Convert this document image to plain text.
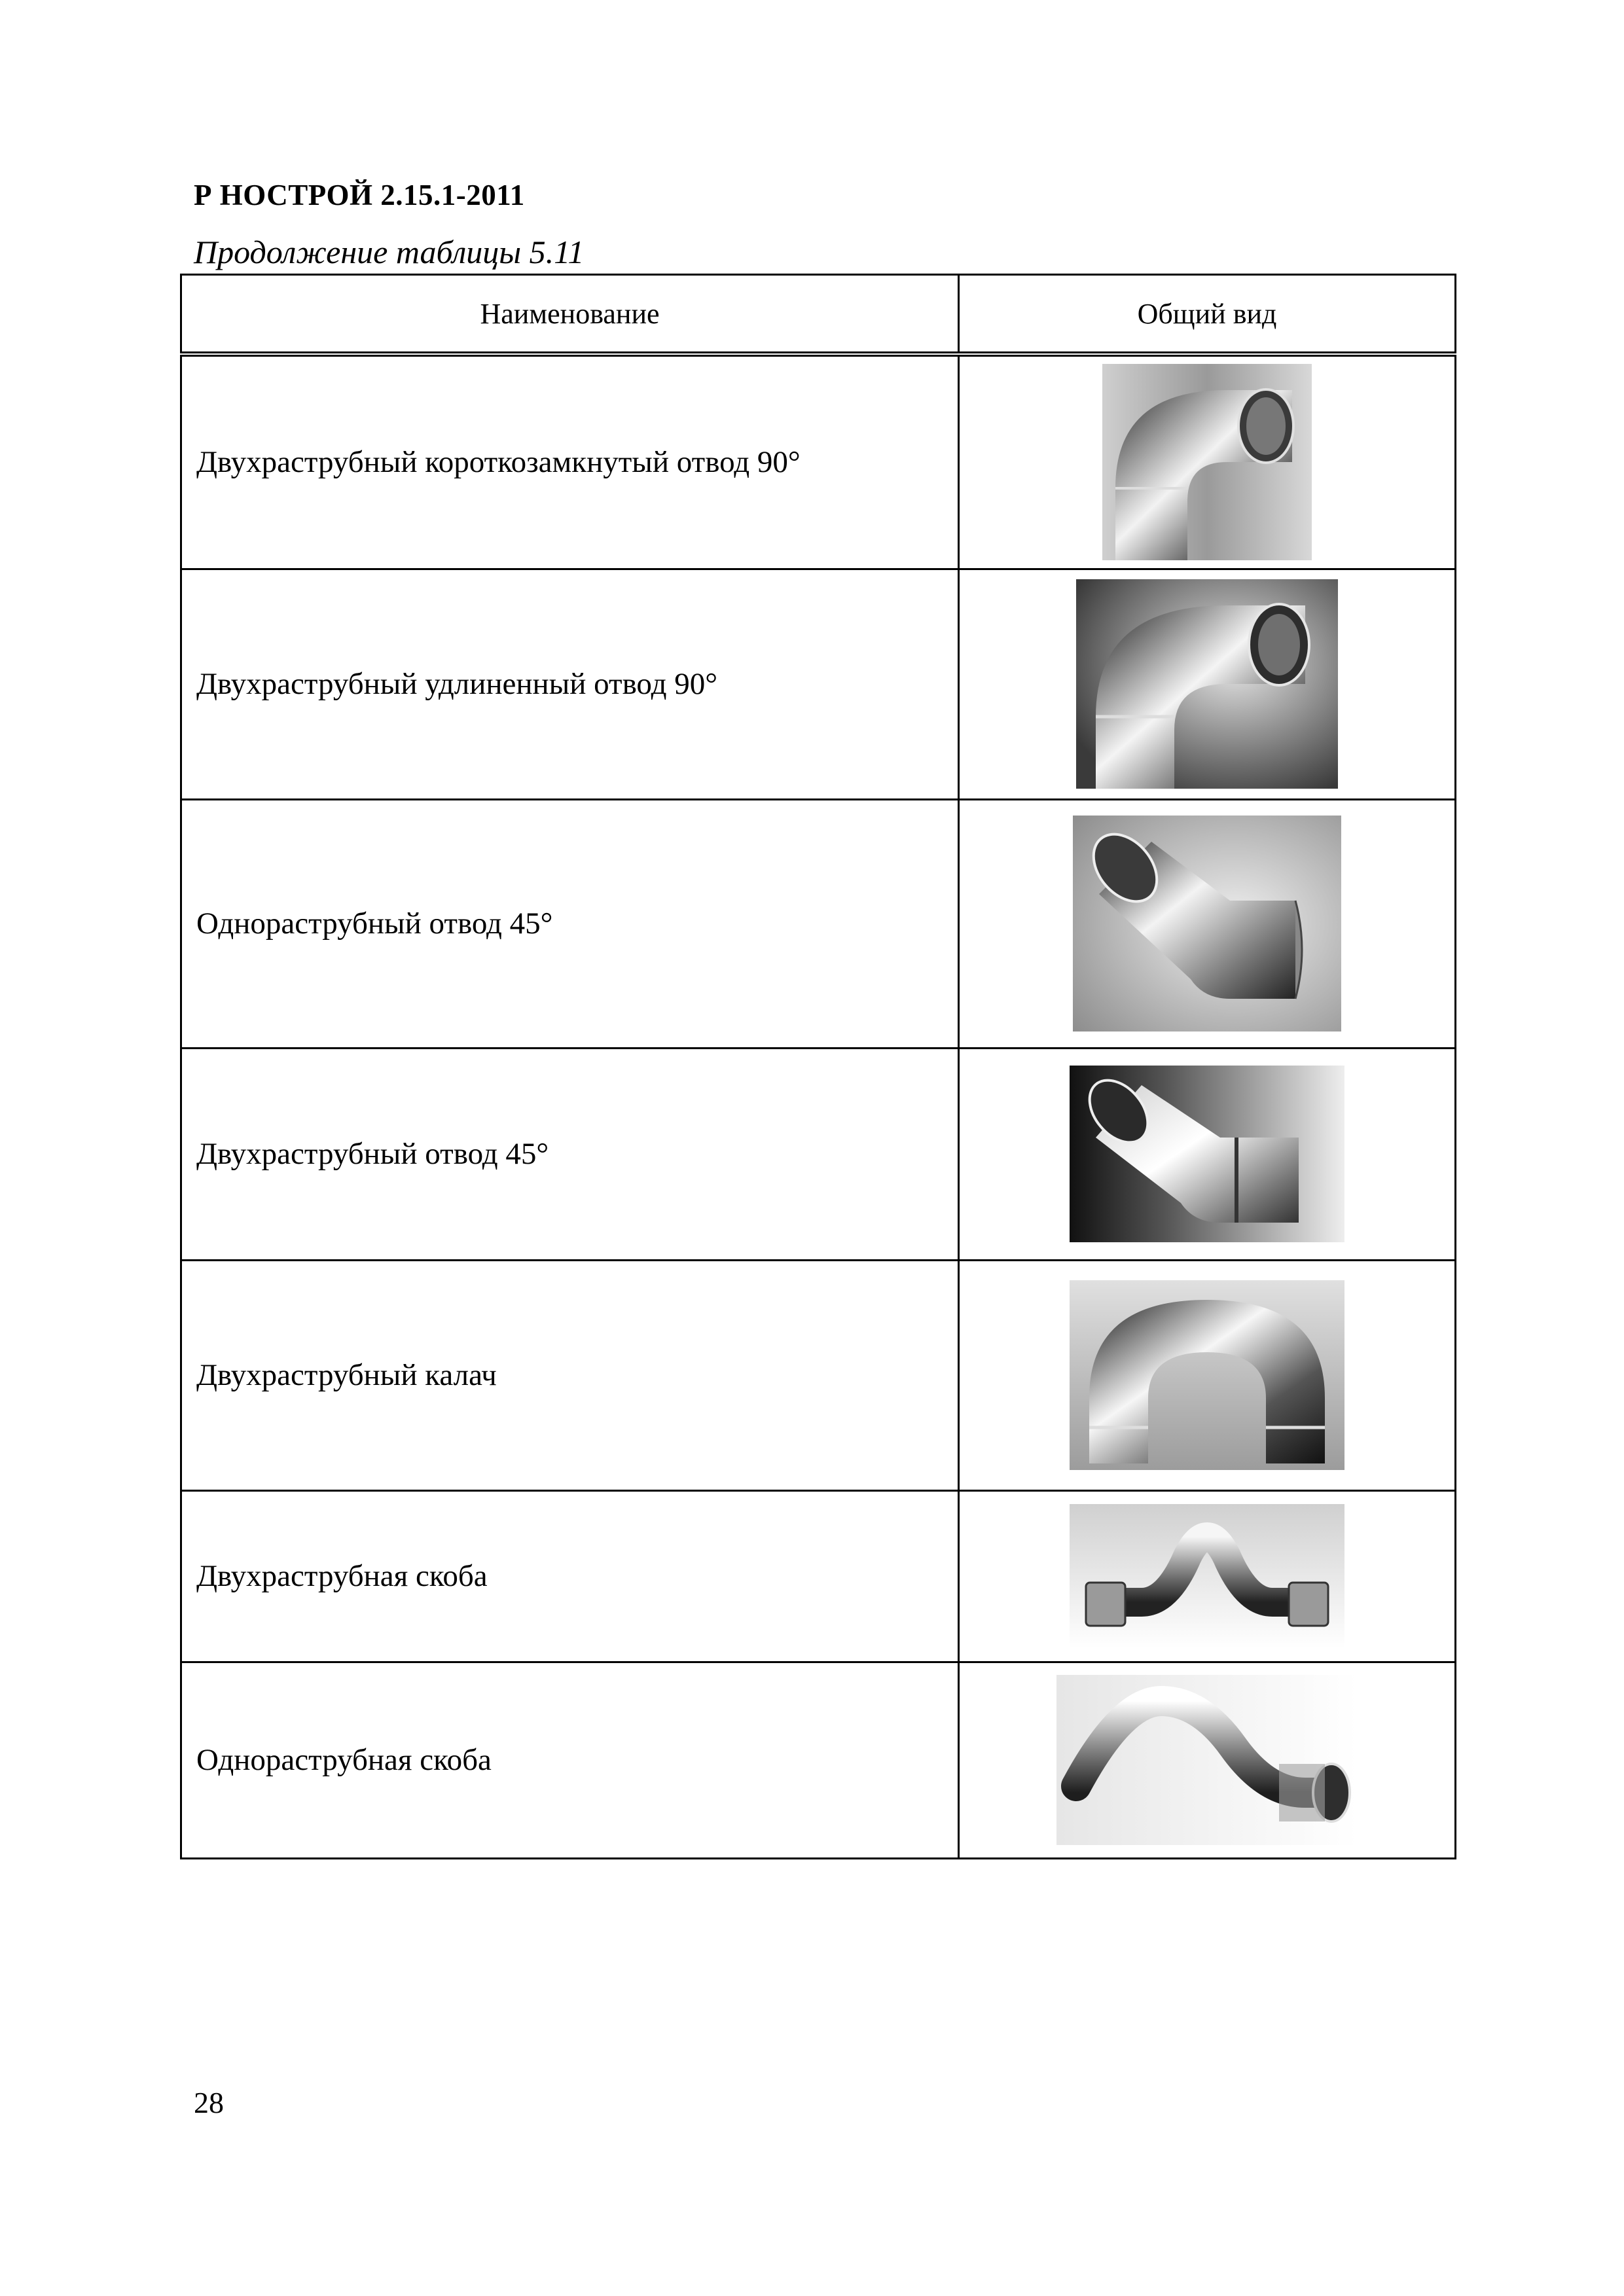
Р НОСТРОЙ 2.15.1-2011
Продолжение таблицы 5.11
Наименование	Общий вид
Двухраструбный короткозамкнутый отвод 90°	

Двухраструбный удлиненный отвод 90°	

Однораструбный отвод 45°	

Двухраструбный отвод 45°	

Двухраструбный калач	

Двухраструбная скоба	

Однораструбная скоба	
28
